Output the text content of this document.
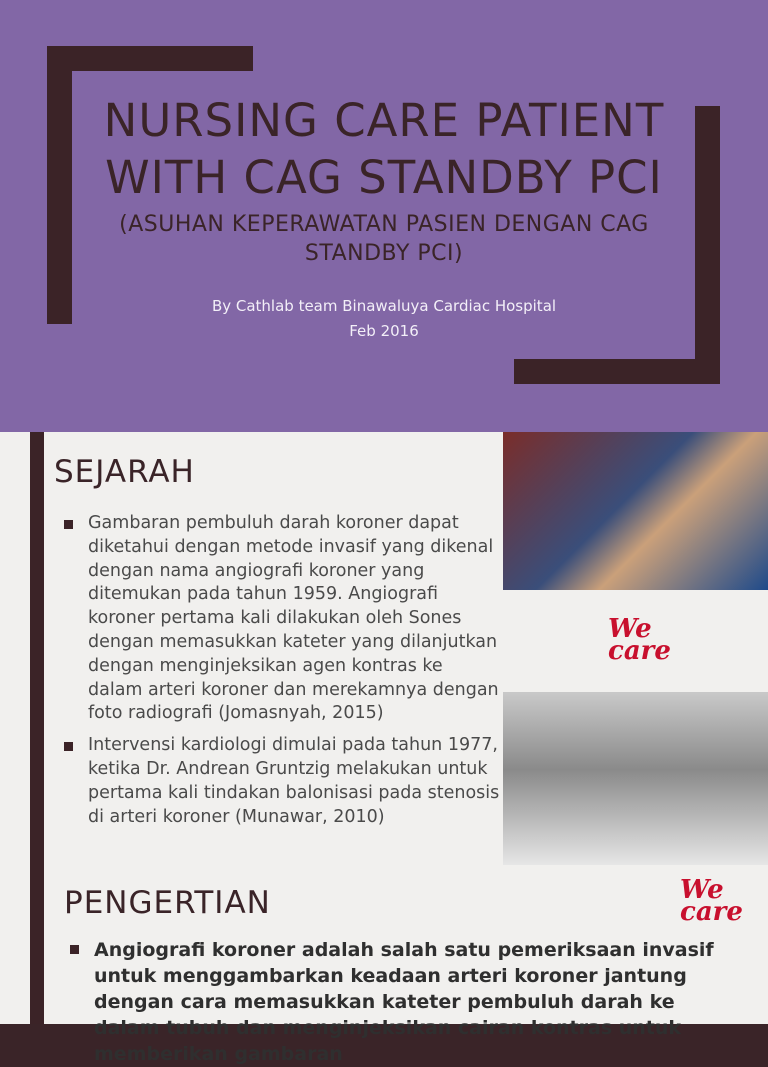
NURSING CARE PATIENT
WITH CAG STANDBY PCI
(ASUHAN KEPERAWATAN PASIEN DENGAN CAG
STANDBY PCI)
By Cathlab team Binawaluya Cardiac Hospital
Feb 2016
SEJARAH
Gambaran pembuluh darah koroner dapat diketahui dengan metode invasif yang dikenal dengan nama angiografi koroner yang ditemukan pada tahun 1959. Angiografi koroner pertama kali dilakukan oleh Sones dengan memasukkan kateter yang dilanjutkan dengan menginjeksikan agen kontras ke dalam arteri koroner dan merekamnya dengan foto radiografi (Jomasnyah, 2015)
Intervensi kardiologi dimulai pada tahun 1977, ketika Dr. Andrean Gruntzig melakukan untuk pertama kali tindakan balonisasi pada stenosis di arteri koroner (Munawar, 2010)
We
care
PENGERTIAN	We
care
Angiografi koroner adalah salah satu pemeriksaan invasif untuk menggambarkan keadaan arteri koroner jantung dengan cara memasukkan kateter pembuluh darah ke dalam tubuh dan menginjeksikan cairan kontras untuk memberikan gambaran
